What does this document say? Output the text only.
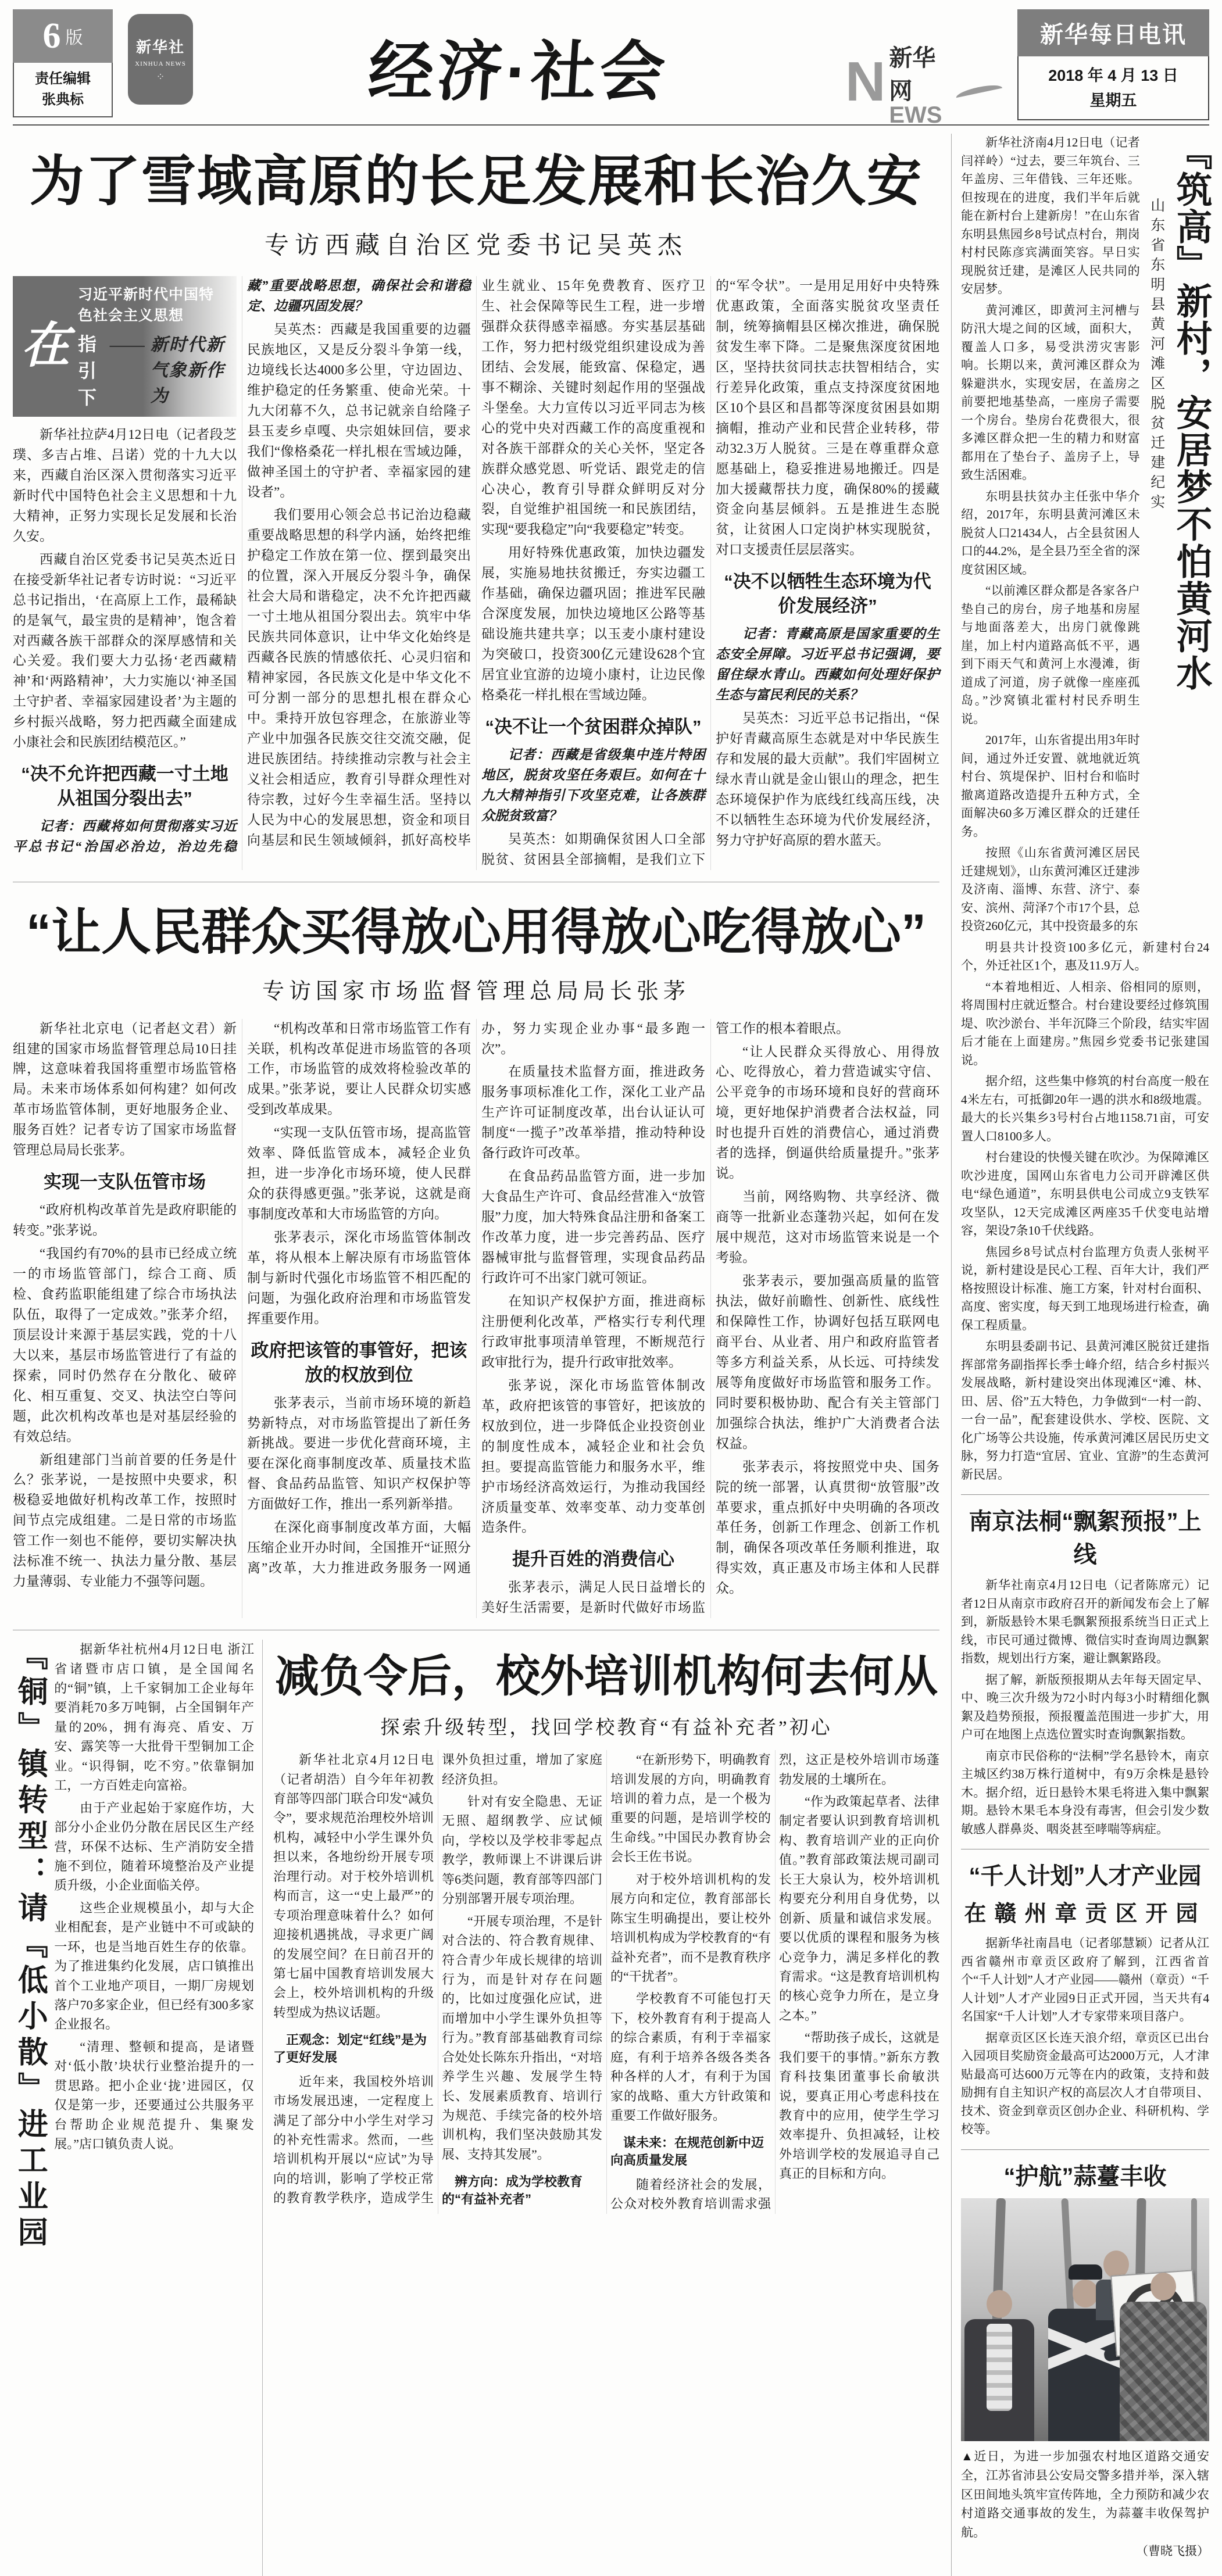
6 版
责任编辑
张典标
新华社
XINHUA NEWS
⁘	经济·社会	N 新华网
EWS
新华每日电讯
2018 年 4 月 13 日
星期五
为了雪域高原的长足发展和长治久安
专访西藏自治区党委书记吴英杰
在
习近平新时代中国特色社会主义思想
指引下
—— 新时代新气象新作为

新华社拉萨4月12日电（记者段芝璞、多吉占堆、吕诺）党的十九大以来，西藏自治区深入贯彻落实习近平新时代中国特色社会主义思想和十九大精神，正努力实现长足发展和长治久安。

西藏自治区党委书记吴英杰近日在接受新华社记者专访时说：“习近平总书记指出，‘在高原上工作，最稀缺的是氧气，最宝贵的是精神’，饱含着对西藏各族干部群众的深厚感情和关心关爱。我们要大力弘扬‘老西藏精神’和‘两路精神’，大力实施以‘神圣国土守护者、幸福家园建设者’为主题的乡村振兴战略，努力把西藏全面建成小康社会和民族团结模范区。”

“决不允许把西藏一寸土地从祖国分裂出去”

记者：西藏将如何贯彻落实习近平总书记“治国必治边，治边先稳藏”重要战略思想，确保社会和谐稳定、边疆巩固发展？

吴英杰：西藏是我国重要的边疆民族地区，又是反分裂斗争第一线，边境线长达4000多公里，守边固边、维护稳定的任务繁重、使命光荣。十九大闭幕不久，总书记就亲自给隆子县玉麦乡卓嘎、央宗姐妹回信，要求我们“像格桑花一样扎根在雪域边陲，做神圣国土的守护者、幸福家园的建设者”。

我们要用心领会总书记治边稳藏重要战略思想的科学内涵，始终把维护稳定工作放在第一位、摆到最突出的位置，深入开展反分裂斗争，确保社会大局和谐稳定，决不允许把西藏一寸土地从祖国分裂出去。筑牢中华民族共同体意识，让中华文化始终是西藏各民族的情感依托、心灵归宿和精神家园，各民族文化是中华文化不可分割一部分的思想扎根在群众心中。秉持开放包容理念，在旅游业等产业中加强各民族交往交流交融，促进民族团结。持续推动宗教与社会主义社会相适应，教育引导群众理性对待宗教，过好今生幸福生活。坚持以人民为中心的发展思想，资金和项目向基层和民生领域倾斜，抓好高校毕业生就业、15年免费教育、医疗卫生、社会保障等民生工程，进一步增强群众获得感幸福感。夯实基层基础工作，努力把村级党组织建设成为善团结、会发展，能致富、保稳定，遇事不糊涂、关键时刻起作用的坚强战斗堡垒。大力宣传以习近平同志为核心的党中央对西藏工作的高度重视和对各族干部群众的关心关怀，坚定各族群众感党恩、听党话、跟党走的信心决心，教育引导群众鲜明反对分裂，自觉维护祖国统一和民族团结，实现“要我稳定”向“我要稳定”转变。

用好特殊优惠政策，加快边疆发展，实施易地扶贫搬迁，夯实边疆工作基础，确保边疆巩固；推进军民融合深度发展，加快边境地区公路等基础设施共建共享；以玉麦小康村建设为突破口，投资300亿元建设628个宜居宜业宜游的边境小康村，让边民像格桑花一样扎根在雪域边陲。

“决不让一个贫困群众掉队”

记者：西藏是省级集中连片特困地区，脱贫攻坚任务艰巨。如何在十九大精神指引下攻坚克难，让各族群众脱贫致富？

吴英杰：如期确保贫困人口全部脱贫、贫困县全部摘帽，是我们立下的“军令状”。一是用足用好中央特殊优惠政策，全面落实脱贫攻坚责任制，统筹摘帽县区梯次推进，确保脱贫发生率下降。二是聚焦深度贫困地区，坚持扶贫同扶志扶智相结合，实行差异化政策，重点支持深度贫困地区10个县区和昌都等深度贫困县如期摘帽，推动产业和民营企业转移，带动32.3万人脱贫。三是在尊重群众意愿基础上，稳妥推进易地搬迁。四是加大援藏帮扶力度，确保80%的援藏资金向基层倾斜。五是推进生态脱贫，让贫困人口定岗护林实现脱贫，对口支援责任层层落实。

“决不以牺牲生态环境为代价发展经济”

记者：青藏高原是国家重要的生态安全屏障。习近平总书记强调，要留住绿水青山。西藏如何处理好保护生态与富民利民的关系？

吴英杰：习近平总书记指出，“保护好青藏高原生态就是对中华民族生存和发展的最大贡献”。我们牢固树立绿水青山就是金山银山的理念，把生态环境保护作为底线红线高压线，决不以牺牲生态环境为代价发展经济，努力守护好高原的碧水蓝天。

“让人民群众买得放心用得放心吃得放心”
专访国家市场监督管理总局局长张茅

新华社北京电（记者赵文君）新组建的国家市场监督管理总局10日挂牌，这意味着我国将重塑市场监管格局。未来市场体系如何构建？如何改革市场监管体制，更好地服务企业、服务百姓？记者专访了国家市场监督管理总局局长张茅。

实现一支队伍管市场

“政府机构改革首先是政府职能的转变。”张茅说。

“我国约有70%的县市已经成立统一的市场监管部门，综合工商、质检、食药监职能组建了综合市场执法队伍，取得了一定成效。”张茅介绍，顶层设计来源于基层实践，党的十八大以来，基层市场监管进行了有益的探索，同时仍然存在分散化、破碎化、相互重复、交叉、执法空白等问题，此次机构改革也是对基层经验的有效总结。

新组建部门当前首要的任务是什么？张茅说，一是按照中央要求，积极稳妥地做好机构改革工作，按照时间节点完成组建。二是日常的市场监管工作一刻也不能停，要切实解决执法标准不统一、执法力量分散、基层力量薄弱、专业能力不强等问题。

“机构改革和日常市场监管工作有关联，机构改革促进市场监管的各项工作，市场监管的成效将检验改革的成果。”张茅说，要让人民群众切实感受到改革成果。

“实现一支队伍管市场，提高监管效率、降低监管成本，减轻企业负担，进一步净化市场环境，使人民群众的获得感更强。”张茅说，这就是商事制度改革和大市场监管的方向。

张茅表示，深化市场监管体制改革，将从根本上解决原有市场监管体制与新时代强化市场监管不相匹配的问题，为强化政府治理和市场监管发挥重要作用。

政府把该管的事管好，把该放的权放到位

张茅表示，当前市场环境的新趋势新特点，对市场监管提出了新任务新挑战。要进一步优化营商环境，主要在深化商事制度改革、质量技术监督、食品药品监管、知识产权保护等方面做好工作，推出一系列新举措。

在深化商事制度改革方面，大幅压缩企业开办时间，全国推开“证照分离”改革，大力推进政务服务一网通办，努力实现企业办事“最多跑一次”。

在质量技术监督方面，推进政务服务事项标准化工作，深化工业产品生产许可证制度改革，出台认证认可制度“一揽子”改革举措，推动特种设备行政许可改革。

在食品药品监管方面，进一步加大食品生产许可、食品经营准入“放管服”力度，加大特殊食品注册和备案工作改革力度，进一步完善药品、医疗器械审批与监督管理，实现食品药品行政许可不出家门就可领证。

在知识产权保护方面，推进商标注册便利化改革，严格实行专利代理行政审批事项清单管理，不断规范行政审批行为，提升行政审批效率。

张茅说，深化市场监管体制改革，政府把该管的事管好，把该放的权放到位，进一步降低企业投资创业的制度性成本，减轻企业和社会负担。要提高监管能力和服务水平，维护市场经济高效运行，为推动我国经济质量变革、效率变革、动力变革创造条件。

提升百姓的消费信心

张茅表示，满足人民日益增长的美好生活需要，是新时代做好市场监管工作的根本着眼点。

“让人民群众买得放心、用得放心、吃得放心，着力营造诚实守信、公平竞争的市场环境和良好的营商环境，更好地保护消费者合法权益，同时也提升百姓的消费信心，通过消费者的选择，倒逼供给质量提升。”张茅说。

当前，网络购物、共享经济、微商等一批新业态蓬勃兴起，如何在发展中规范，这对市场监管来说是一个考验。

张茅表示，要加强高质量的监管执法，做好前瞻性、创新性、底线性和保障性工作，协调好包括互联网电商平台、从业者、用户和政府监管者等多方利益关系，从长远、可持续发展等角度做好市场监管和服务工作。同时要积极协助、配合有关主管部门加强综合执法，维护广大消费者合法权益。

张茅表示，将按照党中央、国务院的统一部署，认真贯彻“放管服”改革要求，重点抓好中央明确的各项改革任务，创新工作理念、创新工作机制，确保各项改革任务顺利推进，取得实效，真正惠及市场主体和人民群众。

『铜』镇转型：请『低小散』进工业园	据新华社杭州4月12日电 浙江省诸暨市店口镇，是全国闻名的“铜”镇，上千家铜加工企业每年要消耗70多万吨铜，占全国铜年产量的20%，拥有海亮、盾安、万安、露笑等一大批骨干型铜加工企业。“识得铜，吃不穷。”依靠铜加工，一方百姓走向富裕。

由于产业起始于家庭作坊，大部分小企业仍分散在居民区生产经营，环保不达标、生产消防安全措施不到位，随着环境整治及产业提质升级，小企业面临关停。

这些企业规模虽小，却与大企业相配套，是产业链中不可或缺的一环，也是当地百姓生存的依靠。为了推进集约化发展，店口镇推出首个工业地产项目，一期厂房规划落户70多家企业，但已经有300多家企业报名。

“清理、整顿和提高，是诸暨对‘低小散’块状行业整治提升的一贯思路。把小企业‘拢’进园区，仅仅是第一步，还要通过公共服务平台帮助企业规范提升、集聚发展。”店口镇负责人说。

减负令后，校外培训机构何去何从
探索升级转型，找回学校教育“有益补充者”初心

新华社北京4月12日电（记者胡浩）自今年年初教育部等四部门联合印发“减负令”，要求规范治理校外培训机构，减轻中小学生课外负担以来，各地纷纷开展专项治理行动。对于校外培训机构而言，这一“史上最严”的专项治理意味着什么？如何迎接机遇挑战，寻求更广阔的发展空间？在日前召开的第七届中国教育培训发展大会上，校外培训机构的升级转型成为热议话题。

正观念：划定“红线”是为了更好发展

近年来，我国校外培训市场发展迅速，一定程度上满足了部分中小学生对学习的补充性需求。然而，一些培训机构开展以“应试”为导向的培训，影响了学校正常的教育教学秩序，造成学生课外负担过重，增加了家庭经济负担。

针对有安全隐患、无证无照、超纲教学、应试倾向，学校以及学校非零起点教学，教师课上不讲课后讲等6类问题，教育部等四部门分别部署开展专项治理。

“开展专项治理，不是针对合法的、符合教育规律、符合青少年成长规律的培训行为，而是针对存在问题的，比如过度强化应试，进而增加中小学生课外负担等行为。”教育部基础教育司综合处处长陈东升指出，“对培养学生兴趣、发展学生特长、发展素质教育、培训行为规范、手续完备的校外培训机构，我们坚决鼓励其发展、支持其发展”。

辨方向：成为学校教育的“有益补充者”

“在新形势下，明确教育培训发展的方向，明确教育培训的着力点，是一个极为重要的问题，是培训学校的生命线。”中国民办教育协会会长王佐书说。

对于校外培训机构的发展方向和定位，教育部部长陈宝生明确提出，要让校外培训机构成为学校教育的“有益补充者”，而不是教育秩序的“干扰者”。

学校教育不可能包打天下，校外教育有利于提高人的综合素质，有利于幸福家庭，有利于培养各级各类各种各样的人才，有利于为国家的战略、重大方针政策和重要工作做好服务。

谋未来：在规范创新中迈向高质量发展

随着经济社会的发展，公众对校外教育培训需求强烈，这正是校外培训市场蓬勃发展的土壤所在。

“作为政策起草者、法律制定者要认识到教育培训机构、教育培训产业的正向价值。”教育部政策法规司副司长王大泉认为，校外培训机构要充分利用自身优势，以创新、质量和诚信求发展。要以优质的课程和服务为核心竞争力，满足多样化的教育需求。“这是教育培训机构的核心竞争力所在，是立身之本。”

“帮助孩子成长，这就是我们要干的事情。”新东方教育科技集团董事长俞敏洪说，要真正用心考虑科技在教育中的应用，使学生学习效率提升、负担减轻，让校外培训学校的发展追寻自己真正的目标和方向。

新华社济南4月12日电（记者闫祥岭）“过去，要三年筑台、三年盖房、三年借钱、三年还账。但按现在的进度，我们半年后就能在新村台上建新房！”在山东省东明县焦园乡8号试点村台，荆岗村村民陈彦宾满面笑容。早日实现脱贫迁建，是滩区人民共同的安居梦。

黄河滩区，即黄河主河槽与防汛大堤之间的区域，面积大，覆盖人口多，易受洪涝灾害影响。长期以来，黄河滩区群众为躲避洪水，实现安居，在盖房之前要把地基垫高，一座房子需要一个房台。垫房台花费很大，很多滩区群众把一生的精力和财富都用在了垫台子、盖房子上，导致生活困难。

东明县扶贫办主任张中华介绍，2017年，东明县黄河滩区未脱贫人口21434人，占全县贫困人口的44.2%，是全县乃至全省的深度贫困区域。

“以前滩区群众都是各家各户垫自己的房台，房子地基和房屋与地面落差大，出房门就像跳崖，加上村内道路高低不平，遇到下雨天气和黄河上水漫滩，街道成了河道，房子就像一座座孤岛。”沙窝镇北霍村村民乔明生说。

2017年，山东省提出用3年时间，通过外迁安置、就地就近筑村台、筑堤保护、旧村台和临时撤离道路改造提升五种方式，全面解决60多万滩区群众的迁建任务。

按照《山东省黄河滩区居民迁建规划》，山东黄河滩区迁建涉及济南、淄博、东营、济宁、泰安、滨州、菏泽7个市17个县，总投资260亿元，其中投资最多的东

山东省东明县黄河滩区脱贫迁建纪实 『筑高』新村，安居梦不怕黄河水

明县共计投资100多亿元，新建村台24个，外迁社区1个，惠及11.9万人。

“本着地相近、人相亲、俗相同的原则，将周围村庄就近整合。村台建设要经过修筑围堤、吹沙淤台、半年沉降三个阶段，结实牢固后才能在上面建房。”焦园乡党委书记张建国说。

据介绍，这些集中修筑的村台高度一般在4米左右，可抵御20年一遇的洪水和8级地震。最大的长兴集乡3号村台占地1158.71亩，可安置人口8100多人。

村台建设的快慢关键在吹沙。为保障滩区吹沙进度，国网山东省电力公司开辟滩区供电“绿色通道”，东明县供电公司成立9支铁军攻坚队，12天完成滩区两座35千伏变电站增容，架设7条10千伏线路。

焦园乡8号试点村台监理方负责人张树平说，新村建设是民心工程、百年大计，我们严格按照设计标准、施工方案，针对村台面积、高度、密实度，每天到工地现场进行检查，确保工程质量。

东明县委副书记、县黄河滩区脱贫迁建指挥部常务副指挥长季士峰介绍，结合乡村振兴发展战略，新村建设突出体现滩区“滩、林、田、居、俗”五大特色，力争做到“一村一韵、一台一品”，配套建设供水、学校、医院、文化广场等公共设施，传承黄河滩区居民历史文脉，努力打造“宜居、宜业、宜游”的生态黄河新民居。

南京法桐“飘絮预报”上线

新华社南京4月12日电（记者陈席元）记者12日从南京市政府召开的新闻发布会上了解到，新版悬铃木果毛飘絮预报系统当日正式上线，市民可通过微博、微信实时查询周边飘絮指数，规划出行方案，避让飘絮路段。

据了解，新版预报期从去年每天固定早、中、晚三次升级为72小时内每3小时精细化飘絮及趋势预报，预报覆盖范围进一步扩大，用户可在地图上点选位置实时查询飘絮指数。

南京市民俗称的“法桐”学名悬铃木，南京主城区约38万株行道树中，有9万余株是悬铃木。据介绍，近日悬铃木果毛将进入集中飘絮期。悬铃木果毛本身没有毒害，但会引发少数敏感人群鼻炎、咽炎甚至哮喘等病症。

“千人计划”人才产业园
在赣州章贡区开园

据新华社南昌电（记者邬慧颖）记者从江西省赣州市章贡区政府了解到，江西省首个“千人计划”人才产业园——赣州（章贡）“千人计划”人才产业园9日正式开园，当天共有4名国家“千人计划”人才专家带来项目落户。

据章贡区区长连天浪介绍，章贡区已出台入园项目奖励资金最高可达2000万元，人才津贴最高可达600万元等在内的政策，支持和鼓励拥有自主知识产权的高层次人才自带项目、技术、资金到章贡区创办企业、科研机构、学校等。

“护航”蒜薹丰收

▲近日，为进一步加强农村地区道路交通安全，江苏省沛县公安局交警多措并举，深入辖区田间地头筑牢宣传阵地，全力预防和减少农村道路交通事故的发生，为蒜薹丰收保驾护航。
（曹晓飞摄）
